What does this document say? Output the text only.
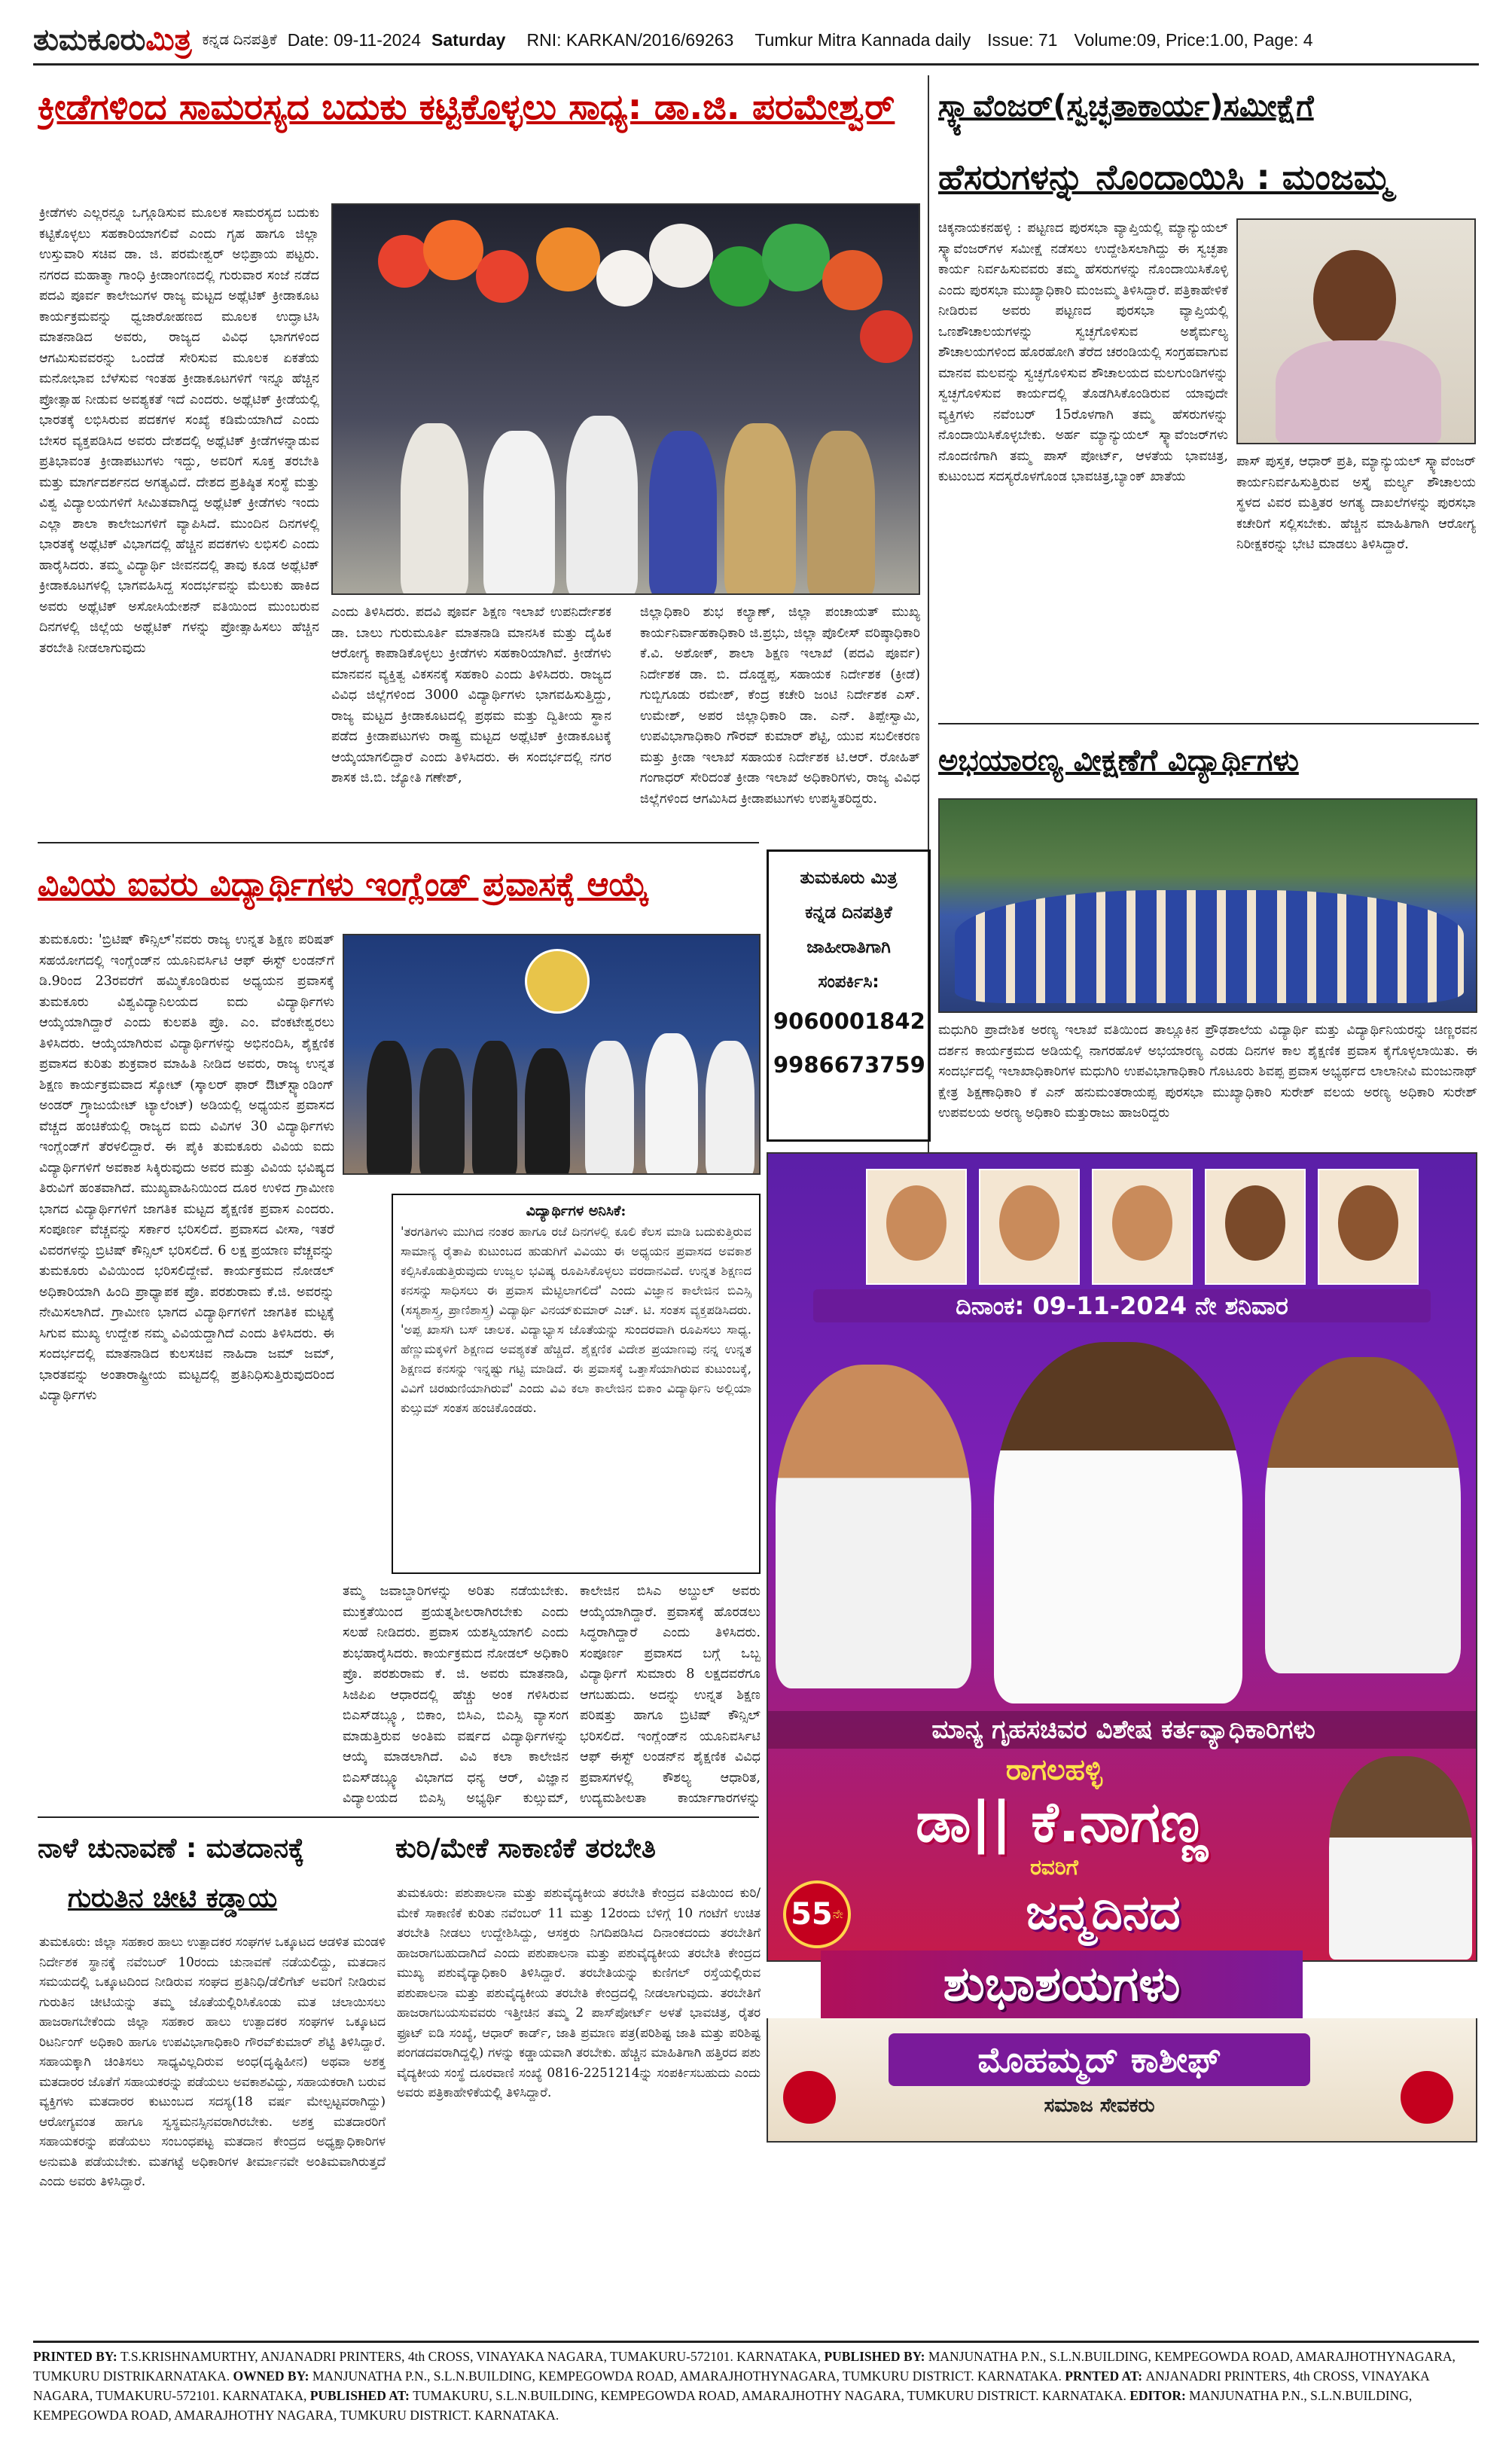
ತುಮಕೂರುಮಿತ್ರ ಕನ್ನಡ ದಿನಪತ್ರಿಕೆ Date: 09-11-2024 Saturday RNI: KARKAN/2016/69263 Tumkur Mitra Kannada daily Issue: 71 Volume:09, Price:1.00, Page: 4
ಕ್ರೀಡೆಗಳಿಂದ ಸಾಮರಸ್ಯದ ಬದುಕು ಕಟ್ಟಿಕೊಳ್ಳಲು ಸಾಧ್ಯ: ಡಾ.ಜಿ. ಪರಮೇಶ್ವರ್
ಕ್ರೀಡೆಗಳು ಎಲ್ಲರನ್ನೂ ಒಗ್ಗೂಡಿಸುವ ಮೂಲಕ ಸಾಮರಸ್ಯದ ಬದುಕು ಕಟ್ಟಿಕೊಳ್ಳಲು ಸಹಕಾರಿಯಾಗಲಿವೆ ಎಂದು ಗೃಹ ಹಾಗೂ ಜಿಲ್ಲಾ ಉಸ್ತುವಾರಿ ಸಚಿವ ಡಾ. ಜಿ. ಪರಮೇಶ್ವರ್ ಅಭಿಪ್ರಾಯ ಪಟ್ಟರು. ನಗರದ ಮಹಾತ್ಮಾ ಗಾಂಧಿ ಕ್ರೀಡಾಂಗಣದಲ್ಲಿ ಗುರುವಾರ ಸಂಜೆ ನಡೆದ ಪದವಿ ಪೂರ್ವ ಕಾಲೇಜುಗಳ ರಾಜ್ಯ ಮಟ್ಟದ ಅಥ್ಲೆಟಿಕ್ ಕ್ರೀಡಾಕೂಟ ಕಾರ್ಯಕ್ರಮವನ್ನು ಧ್ವಜಾರೋಹಣದ ಮೂಲಕ ಉದ್ಘಾಟಿಸಿ ಮಾತನಾಡಿದ ಅವರು, ರಾಜ್ಯದ ವಿವಿಧ ಭಾಗಗಳಿಂದ ಆಗಮಿಸುವವರನ್ನು ಒಂದೆಡೆ ಸೇರಿಸುವ ಮೂಲಕ ಏಕತೆಯ ಮನೋಭಾವ ಬೆಳೆಸುವ ಇಂತಹ ಕ್ರೀಡಾಕೂಟಗಳಿಗೆ ಇನ್ನೂ ಹೆಚ್ಚಿನ ಪ್ರೋತ್ಸಾಹ ನೀಡುವ ಅವಶ್ಯಕತೆ ಇದೆ ಎಂದರು. ಅಥ್ಲೆಟಿಕ್ ಕ್ರೀಡೆಯಲ್ಲಿ ಭಾರತಕ್ಕೆ ಲಭಿಸಿರುವ ಪದಕಗಳ ಸಂಖ್ಯೆ ಕಡಿಮೆಯಾಗಿದೆ ಎಂದು ಬೇಸರ ವ್ಯಕ್ತಪಡಿಸಿದ ಅವರು ದೇಶದಲ್ಲಿ ಅಥ್ಲೆಟಿಕ್ ಕ್ರೀಡೆಗಳನ್ನಾಡುವ ಪ್ರತಿಭಾವಂತ ಕ್ರೀಡಾಪಟುಗಳು ಇದ್ದು, ಅವರಿಗೆ ಸೂಕ್ತ ತರಬೇತಿ ಮತ್ತು ಮಾರ್ಗದರ್ಶನದ ಅಗತ್ಯವಿದೆ. ದೇಶದ ಪ್ರತಿಷ್ಠಿತ ಸಂಸ್ಥೆ ಮತ್ತು ವಿಶ್ವ ವಿದ್ಯಾಲಯಗಳಿಗೆ ಸೀಮಿತವಾಗಿದ್ದ ಅಥ್ಲೆಟಿಕ್ ಕ್ರೀಡೆಗಳು ಇಂದು ಎಲ್ಲಾ ಶಾಲಾ ಕಾಲೇಜುಗಳಿಗೆ ವ್ಯಾಪಿಸಿದೆ. ಮುಂದಿನ ದಿನಗಳಲ್ಲಿ ಭಾರತಕ್ಕೆ ಅಥ್ಲೆಟಿಕ್ ವಿಭಾಗದಲ್ಲಿ ಹೆಚ್ಚಿನ ಪದಕಗಳು ಲಭಿಸಲಿ ಎಂದು ಹಾರೈಸಿದರು. ತಮ್ಮ ವಿದ್ಯಾರ್ಥಿ ಜೀವನದಲ್ಲಿ ತಾವು ಕೂಡ ಅಥ್ಲೆಟಿಕ್ ಕ್ರೀಡಾಕೂಟಗಳಲ್ಲಿ ಭಾಗವಹಿಸಿದ್ದ ಸಂದರ್ಭವನ್ನು ಮೆಲುಕು ಹಾಕಿದ ಅವರು ಅಥ್ಲೆಟಿಕ್ ಅಸೋಸಿಯೇಶನ್ ವತಿಯಿಂದ ಮುಂಬರುವ ದಿನಗಳಲ್ಲಿ ಜಿಲ್ಲೆಯ ಅಥ್ಲೆಟಿಕ್ ಗಳನ್ನು ಪ್ರೋತ್ಸಾಹಿಸಲು ಹೆಚ್ಚಿನ ತರಬೇತಿ ನೀಡಲಾಗುವುದು
ಎಂದು ತಿಳಿಸಿದರು. ಪದವಿ ಪೂರ್ವ ಶಿಕ್ಷಣ ಇಲಾಖೆ ಉಪನಿರ್ದೇಶಕ ಡಾ. ಬಾಲು ಗುರುಮೂರ್ತಿ ಮಾತನಾಡಿ ಮಾನಸಿಕ ಮತ್ತು ದೈಹಿಕ ಆರೋಗ್ಯ ಕಾಪಾಡಿಕೊಳ್ಳಲು ಕ್ರೀಡೆಗಳು ಸಹಕಾರಿಯಾಗಿವೆ. ಕ್ರೀಡೆಗಳು ಮಾನವನ ವ್ಯಕ್ತಿತ್ವ ವಿಕಸನಕ್ಕೆ ಸಹಕಾರಿ ಎಂದು ತಿಳಿಸಿದರು. ರಾಜ್ಯದ ವಿವಿಧ ಜಿಲ್ಲೆಗಳಿಂದ 3000 ವಿದ್ಯಾರ್ಥಿಗಳು ಭಾಗವಹಿಸುತ್ತಿದ್ದು, ರಾಜ್ಯ ಮಟ್ಟದ ಕ್ರೀಡಾಕೂಟದಲ್ಲಿ ಪ್ರಥಮ ಮತ್ತು ದ್ವಿತೀಯ ಸ್ಥಾನ ಪಡೆದ ಕ್ರೀಡಾಪಟುಗಳು ರಾಷ್ಟ್ರ ಮಟ್ಟದ ಅಥ್ಲೆಟಿಕ್ ಕ್ರೀಡಾಕೂಟಕ್ಕೆ ಆಯ್ಕೆಯಾಗಲಿದ್ದಾರೆ ಎಂದು ತಿಳಿಸಿದರು. ಈ ಸಂದರ್ಭದಲ್ಲಿ ನಗರ ಶಾಸಕ ಜಿ.ಬಿ. ಜ್ಯೋತಿ ಗಣೇಶ್,
ಜಿಲ್ಲಾಧಿಕಾರಿ ಶುಭ ಕಲ್ಯಾಣ್, ಜಿಲ್ಲಾ ಪಂಚಾಯತ್ ಮುಖ್ಯ ಕಾರ್ಯನಿರ್ವಾಹಕಾಧಿಕಾರಿ ಜಿ.ಪ್ರಭು, ಜಿಲ್ಲಾ ಪೊಲೀಸ್ ವರಿಷ್ಠಾಧಿಕಾರಿ ಕೆ.ವಿ. ಅಶೋಕ್, ಶಾಲಾ ಶಿಕ್ಷಣ ಇಲಾಖೆ (ಪದವಿ ಪೂರ್ವ) ನಿರ್ದೇಶಕ ಡಾ. ಬಿ. ದೊಡ್ಡಪ್ಪ, ಸಹಾಯಕ ನಿರ್ದೇಶಕ (ಕ್ರೀಡೆ) ಗುಬ್ಬಿಗೂಡು ರಮೇಶ್, ಕೆಂದ್ರ ಕಚೇರಿ ಜಂಟಿ ನಿರ್ದೇಶಕ ಎಸ್. ಉಮೇಶ್, ಅಪರ ಜಿಲ್ಲಾಧಿಕಾರಿ ಡಾ. ಎನ್. ತಿಪ್ಪೇಸ್ವಾಮಿ, ಉಪವಿಭಾಗಾಧಿಕಾರಿ ಗೌರವ್ ಕುಮಾರ್ ಶೆಟ್ಟಿ, ಯುವ ಸಬಲೀಕರಣ ಮತ್ತು ಕ್ರೀಡಾ ಇಲಾಖೆ ಸಹಾಯಕ ನಿರ್ದೇಶಕ ಟಿ.ಆರ್. ರೋಹಿತ್ ಗಂಗಾಧರ್ ಸೇರಿದಂತೆ ಕ್ರೀಡಾ ಇಲಾಖೆ ಅಧಿಕಾರಿಗಳು, ರಾಜ್ಯ ವಿವಿಧ ಜಿಲ್ಲೆಗಳಿಂದ ಆಗಮಿಸಿದ ಕ್ರೀಡಾಪಟುಗಳು ಉಪಸ್ಥಿತರಿದ್ದರು.
ಸ್ಕ್ಯಾವೆಂಜರ್(ಸ್ವಚ್ಛತಾಕಾರ್ಯ)ಸಮೀಕ್ಷೆಗೆ
ಹೆಸರುಗಳನ್ನು ನೊಂದಾಯಿಸಿ : ಮಂಜಮ್ಮ
ಚಿಕ್ಕನಾಯಕನಹಳ್ಳಿ : ಪಟ್ಟಣದ ಪುರಸಭಾ ವ್ಯಾಪ್ತಿಯಲ್ಲಿ ಮ್ಯಾನ್ಯುಯಲ್ ಸ್ಕ್ಯಾವೆಂಜರ್‌ಗಳ ಸಮೀಕ್ಷೆ ನಡೆಸಲು ಉದ್ದೇಶಿಸಲಾಗಿದ್ದು ಈ ಸ್ವಚ್ಛತಾ ಕಾರ್ಯ ನಿರ್ವಹಿಸುವವರು ತಮ್ಮ ಹೆಸರುಗಳನ್ನು ನೊಂದಾಯಿಸಿಕೊಳ್ಳಿ ಎಂದು ಪುರಸಭಾ ಮುಖ್ಯಾಧಿಕಾರಿ ಮಂಜಮ್ಮ ತಿಳಿಸಿದ್ದಾರೆ. ಪತ್ರಿಕಾಹೇಳಿಕೆ ನೀಡಿರುವ ಅವರು ಪಟ್ಟಣದ ಪುರಸಭಾ ವ್ಯಾಪ್ತಿಯಲ್ಲಿ ಒಣಶೌಚಾಲಯಗಳನ್ನು ಸ್ವಚ್ಛಗೊಳಿಸುವ ಅಶೈರ್ಮಲ್ಯ ಶೌಚಾಲಯಗಳಿಂದ ಹೊರಹೋಗಿ ತೆರೆದ ಚರಂಡಿಯಲ್ಲಿ ಸಂಗ್ರಹವಾಗುವ ಮಾನವ ಮಲವನ್ನು ಸ್ವಚ್ಛಗೊಳಿಸುವ ಶೌಚಾಲಯದ ಮಲಗುಂಡಿಗಳನ್ನು ಸ್ವಚ್ಛಗೊಳಿಸುವ ಕಾರ್ಯದಲ್ಲಿ ತೊಡಗಿಸಿಕೊಂಡಿರುವ ಯಾವುದೇ ವ್ಯಕ್ತಿಗಳು ನವೆಂಬರ್ 15ರೊಳಗಾಗಿ ತಮ್ಮ ಹೆಸರುಗಳನ್ನು ನೊಂದಾಯಿಸಿಕೊಳ್ಳಬೇಕು. ಅರ್ಹ ಮ್ಯಾನ್ಯುಯಲ್ ಸ್ಕ್ಯಾವೆಂಜರ್‌ಗಳು ನೊಂದಣಿಗಾಗಿ ತಮ್ಮ ಪಾಸ್ ಪೋರ್ಟ್, ಆಳತೆಯ ಭಾವಚಿತ್ರ, ಕುಟುಂಬದ ಸದಸ್ಯರೊಳಗೊಂಡ ಭಾವಚಿತ್ರ,ಬ್ಯಾಂಕ್ ಖಾತೆಯ
ಪಾಸ್ ಪುಸ್ತಕ, ಆಧಾರ್ ಪ್ರತಿ, ಮ್ಯಾನ್ಯುಯಲ್ ಸ್ಕ್ಯಾವೆಂಜರ್ ಕಾರ್ಯನಿರ್ವಹಿಸುತ್ತಿರುವ ಅಸ್ತೈ ಮರ್ಲ್ಯ ಶೌಚಾಲಯ ಸ್ಥಳದ ವಿವರ ಮತ್ತಿತರ ಅಗತ್ಯ ದಾಖಲೆಗಳನ್ನು ಪುರಸಭಾ ಕಚೇರಿಗೆ ಸಲ್ಲಿಸಬೇಕು. ಹೆಚ್ಚಿನ ಮಾಹಿತಿಗಾಗಿ ಆರೋಗ್ಯ ನಿರೀಕ್ಷಕರನ್ನು ಭೇಟಿ ಮಾಡಲು ತಿಳಿಸಿದ್ದಾರೆ.
ಅಭಯಾರಣ್ಯ ವೀಕ್ಷಣೆಗೆ ವಿದ್ಯಾರ್ಥಿಗಳು
ಮಧುಗಿರಿ ಪ್ರಾದೇಶಿಕ ಅರಣ್ಯ ಇಲಾಖೆ ವತಿಯಿಂದ ತಾಲ್ಲೂಕಿನ ಪ್ರೌಢಶಾಲೆಯ ವಿದ್ಯಾರ್ಥಿ ಮತ್ತು ವಿದ್ಯಾರ್ಥಿನಿಯರನ್ನು ಚಿಣ್ಣರವನ ದರ್ಶನ ಕಾರ್ಯಕ್ರಮದ ಅಡಿಯಲ್ಲಿ ನಾಗರಹೊಳೆ ಅಭಯಾರಣ್ಯ ಎರಡು ದಿನಗಳ ಕಾಲ ಶೈಕ್ಷಣಿಕ ಪ್ರವಾಸ ಕೈಗೊಳ್ಳಲಾಯಿತು. ಈ ಸಂದರ್ಭದಲ್ಲಿ ಇಲಾಖಾಧಿಕಾರಿಗಳ ಮಧುಗಿರಿ ಉಪವಿಭಾಗಾಧಿಕಾರಿ ಗೊಟೂರು ಶಿವಪ್ಪ ಪ್ರವಾಸ ಅಭ್ಯರ್ಥದ ಲಾಲಾನೀವಿ ಮಂಜುನಾಥ್ ಕ್ಷೇತ್ರ ಶಿಕ್ಷಣಾಧಿಕಾರಿ ಕೆ ಎನ್ ಹನುಮಂತರಾಯಪ್ಪ ಪುರಸಭಾ ಮುಖ್ಯಾಧಿಕಾರಿ ಸುರೇಶ್ ವಲಯ ಅರಣ್ಯ ಅಧಿಕಾರಿ ಸುರೇಶ್ ಉಪವಲಯ ಅರಣ್ಯ ಅಧಿಕಾರಿ ಮತ್ತುರಾಜು ಹಾಜರಿದ್ದರು
ವಿವಿಯ ಐವರು ವಿದ್ಯಾರ್ಥಿಗಳು ಇಂಗ್ಲೆಂಡ್ ಪ್ರವಾಸಕ್ಕೆ ಆಯ್ಕೆ
ತುಮಕೂರು: 'ಬ್ರಿಟಿಷ್ ಕೌನ್ಸಿಲ್'ನವರು ರಾಜ್ಯ ಉನ್ನತ ಶಿಕ್ಷಣ ಪರಿಷತ್ ಸಹಯೋಗದಲ್ಲಿ ಇಂಗ್ಲೆಂಡ್‌ನ ಯೂನಿವರ್ಸಿಟಿ ಆಫ್ ಈಸ್ಟ್ ಲಂಡನ್‌ಗೆ ಡಿ.9ರಿಂದ 23ರವರೆಗೆ ಹಮ್ಮಿಕೊಂಡಿರುವ ಅಧ್ಯಯನ ಪ್ರವಾಸಕ್ಕೆ ತುಮಕೂರು ವಿಶ್ವವಿದ್ಯಾನಿಲಯದ ಐದು ವಿದ್ಯಾರ್ಥಿಗಳು ಆಯ್ಕೆಯಾಗಿದ್ದಾರೆ ಎಂದು ಕುಲಪತಿ ಪ್ರೊ. ಎಂ. ವೆಂಕಟೇಶ್ವರಲು ತಿಳಿಸಿದರು. ಆಯ್ಕೆಯಾಗಿರುವ ವಿದ್ಯಾರ್ಥಿಗಳನ್ನು ಅಭಿನಂದಿಸಿ, ಶೈಕ್ಷಣಿಕ ಪ್ರವಾಸದ ಕುರಿತು ಶುಕ್ರವಾರ ಮಾಹಿತಿ ನೀಡಿದ ಅವರು, ರಾಜ್ಯ ಉನ್ನತ ಶಿಕ್ಷಣ ಕಾರ್ಯಕ್ರಮವಾದ ಸ್ಕೋಟ್ (ಸ್ಕಾಲರ್ ಫಾರ್ ಔಟ್‌ಸ್ಟ್ಯಾಂಡಿಂಗ್ ಅಂಡರ್ ಗ್ರ್ಯಾಜುಯೇಟ್ ಟ್ಯಾಲೆಂಟ್) ಅಡಿಯಲ್ಲಿ ಅಧ್ಯಯನ ಪ್ರವಾಸದ ವೆಚ್ಚದ ಹಂಚಿಕೆಯಲ್ಲಿ ರಾಜ್ಯದ ಐದು ವಿವಿಗಳ 30 ವಿದ್ಯಾರ್ಥಿಗಳು ಇಂಗ್ಲೆಂಡ್‌ಗೆ ತೆರಳಲಿದ್ದಾರೆ. ಈ ಪೈಕಿ ತುಮಕೂರು ವಿವಿಯ ಐದು ವಿದ್ಯಾರ್ಥಿಗಳಿಗೆ ಅವಕಾಶ ಸಿಕ್ಕಿರುವುದು ಅವರ ಮತ್ತು ವಿವಿಯ ಭವಿಷ್ಯದ ತಿರುವಿಗೆ ಹಂತವಾಗಿದೆ. ಮುಖ್ಯವಾಹಿನಿಯಿಂದ ದೂರ ಉಳಿದ ಗ್ರಾಮೀಣ ಭಾಗದ ವಿದ್ಯಾರ್ಥಿಗಳಿಗೆ ಜಾಗತಿಕ ಮಟ್ಟದ ಶೈಕ್ಷಣಿಕ ಪ್ರವಾಸ ಎಂದರು. ಸಂಪೂರ್ಣ ವೆಚ್ಚವನ್ನು ಸರ್ಕಾರ ಭರಿಸಲಿದೆ. ಪ್ರವಾಸದ ವೀಸಾ, ಇತರೆ ವಿವರಗಳನ್ನು ಬ್ರಿಟಿಷ್ ಕೌನ್ಸಿಲ್ ಭರಿಸಲಿದೆ. 6 ಲಕ್ಷ ಪ್ರಯಾಣ ವೆಚ್ಚವನ್ನು ತುಮಕೂರು ವಿವಿಯಿಂದ ಭರಿಸಲಿದ್ದೇವೆ. ಕಾರ್ಯಕ್ರಮದ ನೋಡಲ್ ಅಧಿಕಾರಿಯಾಗಿ ಹಿಂದಿ ಪ್ರಾಧ್ಯಾಪಕ ಪ್ರೊ. ಪರಶುರಾಮ ಕೆ.ಜಿ. ಅವರನ್ನು ನೇಮಿಸಲಾಗಿದೆ. ಗ್ರಾಮೀಣ ಭಾಗದ ವಿದ್ಯಾರ್ಥಿಗಳಿಗೆ ಜಾಗತಿಕ ಮಟ್ಟಕ್ಕೆ ಸಿಗುವ ಮುಖ್ಯ ಉದ್ದೇಶ ನಮ್ಮ ವಿವಿಯದ್ದಾಗಿದೆ ಎಂದು ತಿಳಿಸಿದರು. ಈ ಸಂದರ್ಭದಲ್ಲಿ ಮಾತನಾಡಿದ ಕುಲಸಚಿವ ನಾಹಿದಾ ಜಮ್ ಜಮ್, ಭಾರತವನ್ನು ಅಂತಾರಾಷ್ಟ್ರೀಯ ಮಟ್ಟದಲ್ಲಿ ಪ್ರತಿನಿಧಿಸುತ್ತಿರುವುದರಿಂದ ವಿದ್ಯಾರ್ಥಿಗಳು
ವಿದ್ಯಾರ್ಥಿಗಳ ಅನಿಸಿಕೆ:
'ತರಗತಿಗಳು ಮುಗಿದ ನಂತರ ಹಾಗೂ ರಜೆ ದಿನಗಳಲ್ಲಿ ಕೂಲಿ ಕೆಲಸ ಮಾಡಿ ಬದುಕುತ್ತಿರುವ ಸಾಮಾನ್ಯ ರೈತಾಪಿ ಕುಟುಂಬದ ಹುಡುಗಿಗೆ ವಿವಿಯು ಈ ಅಧ್ಯಯನ ಪ್ರವಾಸದ ಅವಕಾಶ ಕಲ್ಪಿಸಿಕೊಡುತ್ತಿರುವುದು ಉಜ್ವಲ ಭವಿಷ್ಯ ರೂಪಿಸಿಕೊಳ್ಳಲು ವರದಾನವಿದೆ. ಉನ್ನತ ಶಿಕ್ಷಣದ ಕನಸನ್ನು ಸಾಧಿಸಲು ಈ ಪ್ರವಾಸ ಮೆಟ್ಟಿಲಾಗಲಿದೆ' ಎಂದು ವಿಜ್ಞಾನ ಕಾಲೇಜಿನ ಬಿಎಸ್ಸಿ (ಸಸ್ಯಶಾಸ್ತ್ರ, ಪ್ರಾಣಿಶಾಸ್ತ್ರ) ವಿದ್ಯಾರ್ಥಿ ವಿನಯ್‌ಕುಮಾರ್ ಎಚ್. ಟಿ. ಸಂತಸ ವ್ಯಕ್ತಪಡಿಸಿದರು. 'ಅಪ್ಪ ಖಾಸಗಿ ಬಸ್ ಚಾಲಕ. ವಿದ್ಯಾಭ್ಯಾಸ ಜೊತೆಯನ್ನು ಸುಂದರವಾಗಿ ರೂಪಿಸಲು ಸಾಧ್ಯ. ಹೆಣ್ಣುಮಕ್ಕಳಿಗೆ ಶಿಕ್ಷಣದ ಅವಶ್ಯಕತೆ ಹೆಚ್ಚಿದೆ. ಶೈಕ್ಷಣಿಕ ವಿದೇಶ ಪ್ರಯಾಣವು ನನ್ನ ಉನ್ನತ ಶಿಕ್ಷಣದ ಕನಸನ್ನು ಇನ್ನಷ್ಟು ಗಟ್ಟಿ ಮಾಡಿದೆ. ಈ ಪ್ರವಾಸಕ್ಕೆ ಒತ್ತಾಸೆಯಾಗಿರುವ ಕುಟುಂಬಕ್ಕೆ, ವಿವಿಗೆ ಚಿರಋಣಿಯಾಗಿರುವೆ' ಎಂದು ವಿವಿ ಕಲಾ ಕಾಲೇಜಿನ ಬಿಕಾಂ ವಿದ್ಯಾರ್ಥಿನಿ ಅಲ್ಲಿಯಾ ಕುಲ್ಸುಮ್ ಸಂತಸ ಹಂಚಿಕೊಂಡರು.
ತಮ್ಮ ಜವಾಬ್ದಾರಿಗಳನ್ನು ಅರಿತು ನಡೆಯಬೇಕು. ಮುಕ್ತತೆಯಿಂದ ಪ್ರಯತ್ನಶೀಲರಾಗಿರಬೇಕು ಎಂದು ಸಲಹೆ ನೀಡಿದರು. ಪ್ರವಾಸ ಯಶಸ್ವಿಯಾಗಲಿ ಎಂದು ಶುಭಹಾರೈಸಿದರು. ಕಾರ್ಯಕ್ರಮದ ನೋಡಲ್ ಅಧಿಕಾರಿ ಪ್ರೊ. ಪರಶುರಾಮ ಕೆ. ಜಿ. ಅವರು ಮಾತನಾಡಿ, ಸಿಜಿಪಿಏ ಆಧಾರದಲ್ಲಿ ಹೆಚ್ಚು ಅಂಕ ಗಳಿಸಿರುವ ಬಿಎಸ್‌ಡಬ್ಲ್ಯೂ, ಬಿಕಾಂ, ಬಿಸಿಎ, ಬಿಎಸ್ಸಿ ವ್ಯಾಸಂಗ ಮಾಡುತ್ತಿರುವ ಅಂತಿಮ ವರ್ಷದ ವಿದ್ಯಾರ್ಥಿಗಳನ್ನು ಆಯ್ಕೆ ಮಾಡಲಾಗಿದೆ. ವಿವಿ ಕಲಾ ಕಾಲೇಜಿನ ಬಿಎಸ್‌ಡಬ್ಲ್ಯೂ ವಿಭಾಗದ ಧನ್ಯ ಆರ್, ವಿಜ್ಞಾನ ವಿದ್ಯಾಲಯದ ಬಿಎಸ್ಸಿ ಅಭ್ಯರ್ಥಿ ಕುಲ್ಸುಮ್,
ಕಾಲೇಜಿನ ಬಿಸಿಎ ಅಬ್ದುಲ್ ಅವರು ಆಯ್ಕೆಯಾಗಿದ್ದಾರೆ. ಪ್ರವಾಸಕ್ಕೆ ಹೊರಡಲು ಸಿದ್ಧರಾಗಿದ್ದಾರೆ ಎಂದು ತಿಳಿಸಿದರು. ಸಂಪೂರ್ಣ ಪ್ರವಾಸದ ಬಗ್ಗೆ ಒಬ್ಬ ವಿದ್ಯಾರ್ಥಿಗೆ ಸುಮಾರು 8 ಲಕ್ಷದವರೆಗೂ ಆಗಬಹುದು. ಅದನ್ನು ಉನ್ನತ ಶಿಕ್ಷಣ ಪರಿಷತ್ತು ಹಾಗೂ ಬ್ರಿಟಿಷ್ ಕೌನ್ಸಿಲ್ ಭರಿಸಲಿದೆ. ಇಂಗ್ಲೆಂಡ್‌ನ ಯೂನಿವರ್ಸಿಟಿ ಆಫ್ ಈಸ್ಟ್ ಲಂಡನ್‌ನ ಶೈಕ್ಷಣಿಕ ವಿವಿಧ ಪ್ರವಾಸಗಳಲ್ಲಿ ಕೌಶಲ್ಯ ಆಧಾರಿತ, ಉದ್ಯಮಶೀಲತಾ ಕಾರ್ಯಾಗಾರಗಳನ್ನು
ತುಮಕೂರು ಮಿತ್ರ
ಕನ್ನಡ ದಿನಪತ್ರಿಕೆ
ಜಾಹೀರಾತಿಗಾಗಿ
ಸಂಪರ್ಕಿಸಿ:
9060001842
9986673759
ದಿನಾಂಕ: 09-11-2024 ನೇ ಶನಿವಾರ
ಮಾನ್ಯ ಗೃಹಸಚಿವರ ವಿಶೇಷ ಕರ್ತವ್ಯಾಧಿಕಾರಿಗಳು
ರಾಗಲಹಳ್ಳಿ
ಡಾ|| ಕೆ.ನಾಗಣ್ಣ
ರವರಿಗೆ
55 ನೇ	ಜನ್ಮದಿನದ
ಶುಭಾಶಯಗಳು
ಮೊಹಮ್ಮದ್ ಕಾಶೀಫ್
ಸಮಾಜ ಸೇವಕರು
ನಾಳೆ ಚುನಾವಣೆ : ಮತದಾನಕ್ಕೆ
ಗುರುತಿನ ಚೀಟಿ ಕಡ್ಡಾಯ
ತುಮಕೂರು: ಜಿಲ್ಲಾ ಸಹಕಾರ ಹಾಲು ಉತ್ಪಾದಕರ ಸಂಘಗಳ ಒಕ್ಕೂಟದ ಆಡಳಿತ ಮಂಡಳಿ ನಿರ್ದೇಶಕ ಸ್ಥಾನಕ್ಕೆ ನವೆಂಬರ್ 10ರಂದು ಚುನಾವಣೆ ನಡೆಯಲಿದ್ದು, ಮತದಾನ ಸಮಯದಲ್ಲಿ ಒಕ್ಕೂಟದಿಂದ ನೀಡಿರುವ ಸಂಘದ ಪ್ರತಿನಿಧಿ/ಡೆಲಿಗೆಟ್ ಅವರಿಗೆ ನೀಡಿರುವ ಗುರುತಿನ ಚೀಟಿಯನ್ನು ತಮ್ಮ ಜೊತೆಯಲ್ಲಿರಿಸಿಕೊಂಡು ಮತ ಚಲಾಯಿಸಲು ಹಾಜರಾಗಬೇಕೆಂದು ಜಿಲ್ಲಾ ಸಹಕಾರ ಹಾಲು ಉತ್ಪಾದಕರ ಸಂಘಗಳ ಒಕ್ಕೂಟದ ರಿಟರ್ನಿಂಗ್ ಅಧಿಕಾರಿ ಹಾಗೂ ಉಪವಿಭಾಗಾಧಿಕಾರಿ ಗೌರವ್‌ಕುಮಾರ್ ಶೆಟ್ಟಿ ತಿಳಿಸಿದ್ದಾರೆ. ಸಹಾಯಕ್ಕಾಗಿ ಚಿಂತಿಸಲು ಸಾಧ್ಯವಿಲ್ಲದಿರುವ ಅಂಧ(ದೃಷ್ಟಿಹೀನ) ಅಥವಾ ಅಶಕ್ತ ಮತದಾರರ ಜೊತೆಗೆ ಸಹಾಯಕರನ್ನು ಪಡೆಯಲು ಅವಕಾಶವಿದ್ದು, ಸಹಾಯಕರಾಗಿ ಬರುವ ವ್ಯಕ್ತಿಗಳು ಮತದಾರರ ಕುಟುಂಬದ ಸದಸ್ಯ(18 ವರ್ಷ ಮೇಲ್ಪಟ್ಟವರಾಗಿದ್ದು) ಆರೋಗ್ಯವಂತ ಹಾಗೂ ಸ್ವಸ್ಥಮನಸ್ಸಿನವರಾಗಿರಬೇಕು. ಅಶಕ್ತ ಮತದಾರರಿಗೆ ಸಹಾಯಕರನ್ನು ಪಡೆಯಲು ಸಂಬಂಧಪಟ್ಟ ಮತದಾನ ಕೇಂದ್ರದ ಅಧ್ಯಕ್ಷಾಧಿಕಾರಿಗಳ ಅನುಮತಿ ಪಡೆಯಬೇಕು. ಮತಗಟ್ಟೆ ಅಧಿಕಾರಿಗಳ ತೀರ್ಮಾನವೇ ಅಂತಿಮವಾಗಿರುತ್ತದೆ ಎಂದು ಅವರು ತಿಳಿಸಿದ್ದಾರೆ.
ಕುರಿ/ಮೇಕೆ ಸಾಕಾಣಿಕೆ ತರಬೇತಿ
ತುಮಕೂರು: ಪಶುಪಾಲನಾ ಮತ್ತು ಪಶುವೈದ್ಯಕೀಯ ತರಬೇತಿ ಕೇಂದ್ರದ ವತಿಯಿಂದ ಕುರಿ/ಮೇಕೆ ಸಾಕಾಣಿಕೆ ಕುರಿತು ನವೆಂಬರ್ 11 ಮತ್ತು 12ರಂದು ಬೆಳಿಗ್ಗೆ 10 ಗಂಟೆಗೆ ಉಚಿತ ತರಬೇತಿ ನೀಡಲು ಉದ್ದೇಶಿಸಿದ್ದು, ಆಸಕ್ತರು ನಿಗದಿಪಡಿಸಿದ ದಿನಾಂಕದಂದು ತರಬೇತಿಗೆ ಹಾಜರಾಗಬಹುದಾಗಿದೆ ಎಂದು ಪಶುಪಾಲನಾ ಮತ್ತು ಪಶುವೈದ್ಯಕೀಯ ತರಬೇತಿ ಕೇಂದ್ರದ ಮುಖ್ಯ ಪಶುವೈದ್ಯಾಧಿಕಾರಿ ತಿಳಿಸಿದ್ದಾರೆ. ತರಬೇತಿಯನ್ನು ಕುಣಿಗಲ್ ರಸ್ತೆಯಲ್ಲಿರುವ ಪಶುಪಾಲನಾ ಮತ್ತು ಪಶುವೈದ್ಯಕೀಯ ತರಬೇತಿ ಕೇಂದ್ರದಲ್ಲಿ ನೀಡಲಾಗುವುದು. ತರಬೇತಿಗೆ ಹಾಜರಾಗಬಯಸುವವರು ಇತ್ತೀಚಿನ ತಮ್ಮ 2 ಪಾಸ್‌ಪೋರ್ಟ್ ಅಳತೆ ಭಾವಚಿತ್ರ, ರೈತರ ಫ್ರೂಟ್ ಐಡಿ ಸಂಖ್ಯೆ, ಆಧಾರ್ ಕಾರ್ಡ್, ಜಾತಿ ಪ್ರಮಾಣ ಪತ್ರ(ಪರಿಶಿಷ್ಟ ಜಾತಿ ಮತ್ತು ಪರಿಶಿಷ್ಟ ಪಂಗಡದವರಾಗಿದ್ದಲ್ಲಿ) ಗಳನ್ನು ಕಡ್ಡಾಯವಾಗಿ ತರಬೇಕು. ಹೆಚ್ಚಿನ ಮಾಹಿತಿಗಾಗಿ ಹತ್ತಿರದ ಪಶು ವೈದ್ಯಕೀಯ ಸಂಸ್ಥೆ ದೂರವಾಣಿ ಸಂಖ್ಯೆ 0816-2251214ನ್ನು ಸಂಪರ್ಕಿಸಬಹುದು ಎಂದು ಅವರು ಪತ್ರಿಕಾಹೇಳಿಕೆಯಲ್ಲಿ ತಿಳಿಸಿದ್ದಾರೆ.
PRINTED BY: T.S.KRISHNAMURTHY, ANJANADRI PRINTERS, 4th CROSS, VINAYAKA NAGARA, TUMAKURU-572101. KARNATAKA, PUBLISHED BY: MANJUNATHA P.N., S.L.N.BUILDING, KEMPEGOWDA ROAD, AMARAJHOTHYNAGARA, TUMKURU DISTRIKARNATAKA. OWNED BY: MANJUNATHA P.N., S.L.N.BUILDING, KEMPEGOWDA ROAD, AMARAJHOTHYNAGARA, TUMKURU DISTRICT. KARNATAKA. PRNTED AT: ANJANADRI PRINTERS, 4th CROSS, VINAYAKA NAGARA, TUMAKURU-572101. KARNATAKA, PUBLISHED AT: TUMAKURU, S.L.N.BUILDING, KEMPEGOWDA ROAD, AMARAJHOTHY NAGARA, TUMKURU DISTRICT. KARNATAKA. EDITOR: MANJUNATHA P.N., S.L.N.BUILDING, KEMPEGOWDA ROAD, AMARAJHOTHY NAGARA, TUMKURU DISTRICT. KARNATAKA.
